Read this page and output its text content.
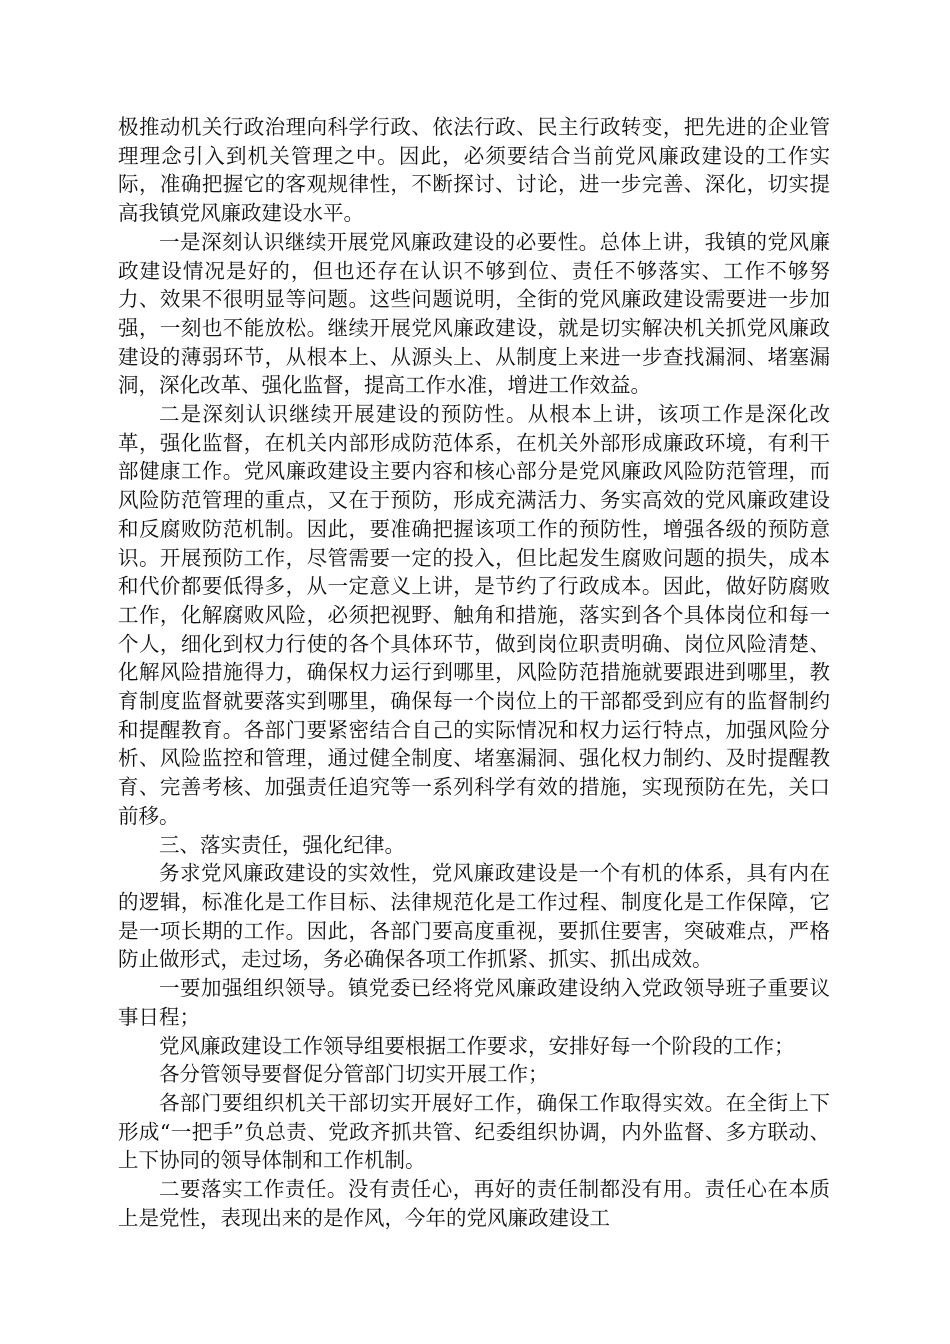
极推动机关行政治理向科学行政、依法行政、民主行政转变，把先进的企业管理理念引入到机关管理之中。因此，必须要结合当前党风廉政建设的工作实际，准确把握它的客观规律性，不断探讨、讨论，进一步完善、深化，切实提高我镇党风廉政建设水平。

一是深刻认识继续开展党风廉政建设的必要性。总体上讲，我镇的党风廉政建设情况是好的，但也还存在认识不够到位、责任不够落实、工作不够努力、效果不很明显等问题。这些问题说明，全街的党风廉政建设需要进一步加强，一刻也不能放松。继续开展党风廉政建设，就是切实解决机关抓党风廉政建设的薄弱环节，从根本上、从源头上、从制度上来进一步查找漏洞、堵塞漏洞，深化改革、强化监督，提高工作水准，增进工作效益。

二是深刻认识继续开展建设的预防性。从根本上讲，该项工作是深化改革，强化监督，在机关内部形成防范体系，在机关外部形成廉政环境，有利干部健康工作。党风廉政建设主要内容和核心部分是党风廉政风险防范管理，而风险防范管理的重点，又在于预防，形成充满活力、务实高效的党风廉政建设和反腐败防范机制。因此，要准确把握该项工作的预防性，增强各级的预防意识。开展预防工作，尽管需要一定的投入，但比起发生腐败问题的损失，成本和代价都要低得多，从一定意义上讲，是节约了行政成本。因此，做好防腐败工作，化解腐败风险，必须把视野、触角和措施，落实到各个具体岗位和每一个人，细化到权力行使的各个具体环节，做到岗位职责明确、岗位风险清楚、化解风险措施得力，确保权力运行到哪里，风险防范措施就要跟进到哪里，教育制度监督就要落实到哪里，确保每一个岗位上的干部都受到应有的监督制约和提醒教育。各部门要紧密结合自己的实际情况和权力运行特点，加强风险分析、风险监控和管理，通过健全制度、堵塞漏洞、强化权力制约、及时提醒教育、完善考核、加强责任追究等一系列科学有效的措施，实现预防在先，关口前移。

三、落实责任，强化纪律。

务求党风廉政建设的实效性，党风廉政建设是一个有机的体系，具有内在的逻辑，标准化是工作目标、法律规范化是工作过程、制度化是工作保障，它是一项长期的工作。因此，各部门要高度重视，要抓住要害，突破难点，严格防止做形式，走过场，务必确保各项工作抓紧、抓实、抓出成效。

一要加强组织领导。镇党委已经将党风廉政建设纳入党政领导班子重要议事日程；

党风廉政建设工作领导组要根据工作要求，安排好每一个阶段的工作；

各分管领导要督促分管部门切实开展工作；

各部门要组织机关干部切实开展好工作，确保工作取得实效。在全街上下形成“一把手”负总责、党政齐抓共管、纪委组织协调，内外监督、多方联动、上下协同的领导体制和工作机制。

二要落实工作责任。没有责任心，再好的责任制都没有用。责任心在本质上是党性，表现出来的是作风，今年的党风廉政建设工
